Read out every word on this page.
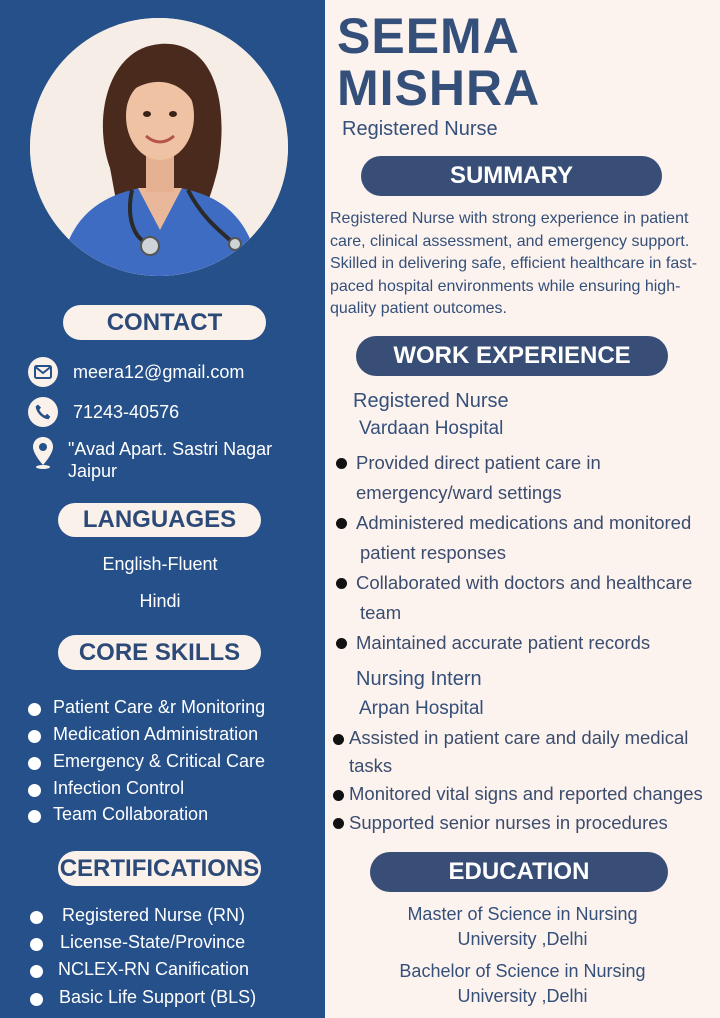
CONTACT
meera12@gmail.com
71243-40576
"Avad Apart. Sastri Nagar
Jaipur
LANGUAGES
English-Fluent
Hindi
CORE SKILLS
Patient Care &r Monitoring
Medication Administration
Emergency & Critical Care
Infection Control
Team Collaboration
CERTIFICATIONS
Registered Nurse (RN)
License-State/Province
NCLEX-RN Canification
Basic Life Support (BLS)
SEEMA
MISHRA
Registered Nurse
SUMMARY
Registered Nurse with strong experience in patient care, clinical assessment, and emergency support. Skilled in delivering safe, efficient healthcare in fast-paced hospital environments while ensuring high-quality patient outcomes.
WORK EXPERIENCE
Registered Nurse
Vardaan Hospital
Provided direct patient care in
emergency/ward settings
Administered medications and monitored
patient responses
Collaborated with doctors and healthcare
team
Maintained accurate patient records
Nursing Intern
Arpan Hospital
Assisted in patient care and daily medical
tasks
Monitored vital signs and reported changes
Supported senior nurses in procedures
EDUCATION
Master of Science in Nursing
University ,Delhi
Bachelor of Science in Nursing
University ,Delhi
